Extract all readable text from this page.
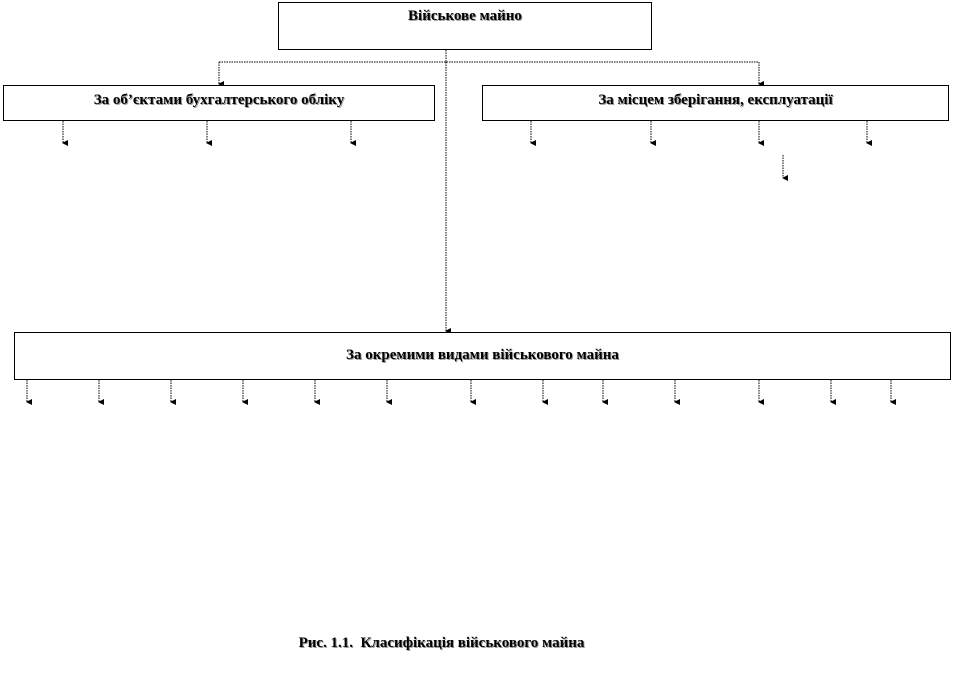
Військове майно
За об’єктами бухгалтерського обліку	За місцем зберігання, експлуатації
За окремими видами військового майна
Рис. 1.1.  Класифікація військового майна
